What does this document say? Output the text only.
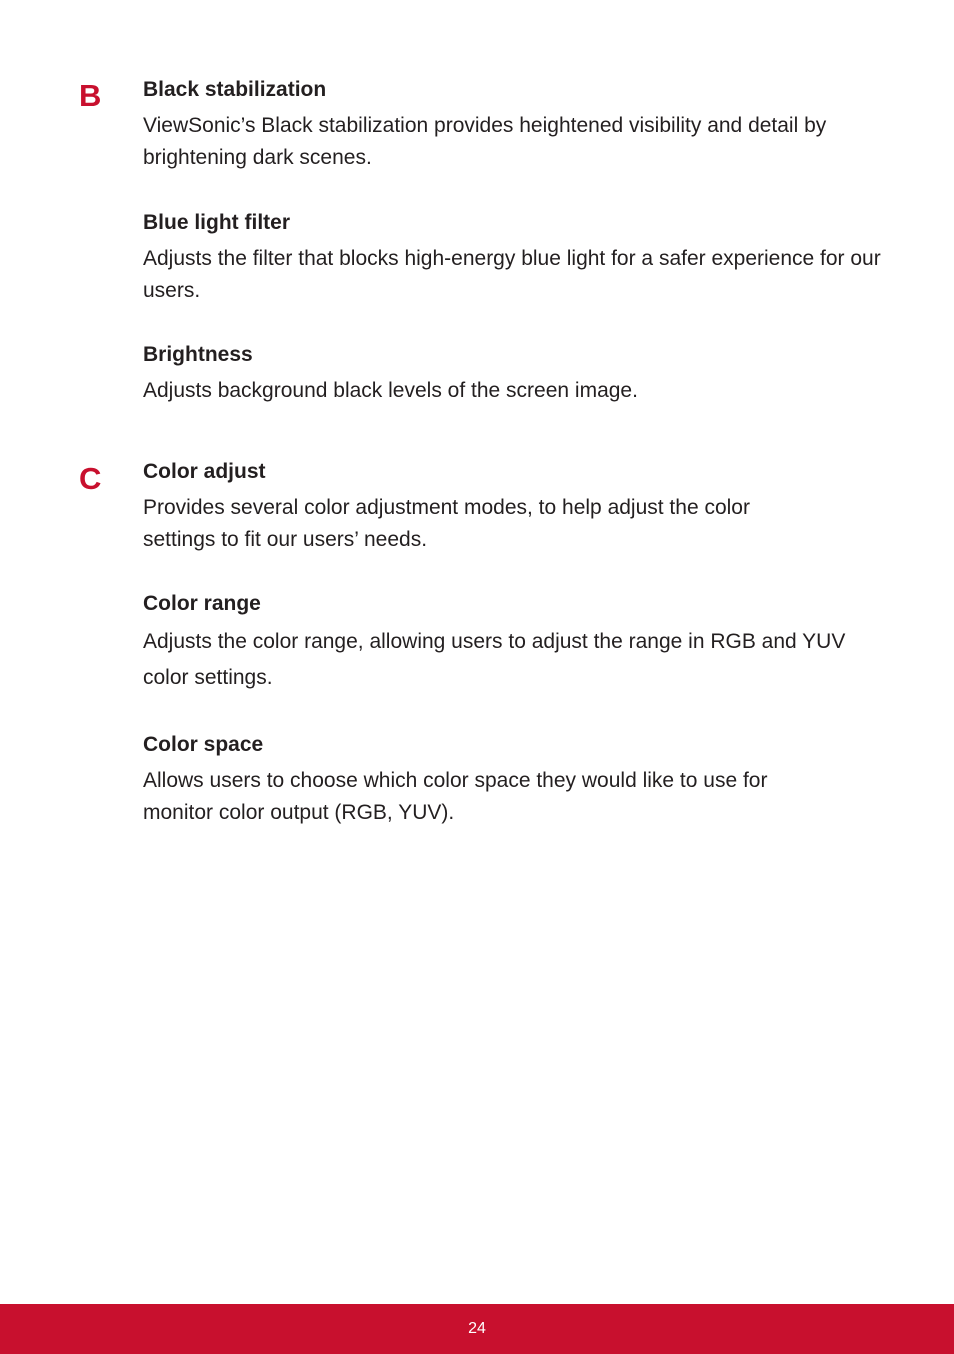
B Black stabilization
ViewSonic’s Black stabilization provides heightened visibility and detail by brightening dark scenes.
Blue light filter
Adjusts the filter that blocks high-energy blue light for a safer experience for our users.
Brightness
Adjusts background black levels of the screen image.
C Color adjust
Provides several color adjustment modes, to help adjust the color settings to fit our users’ needs.
Color range
Adjusts the color range, allowing users to adjust the range in RGB and YUV color settings.
Color space
Allows users to choose which color space they would like to use for monitor color output (RGB, YUV).
24
